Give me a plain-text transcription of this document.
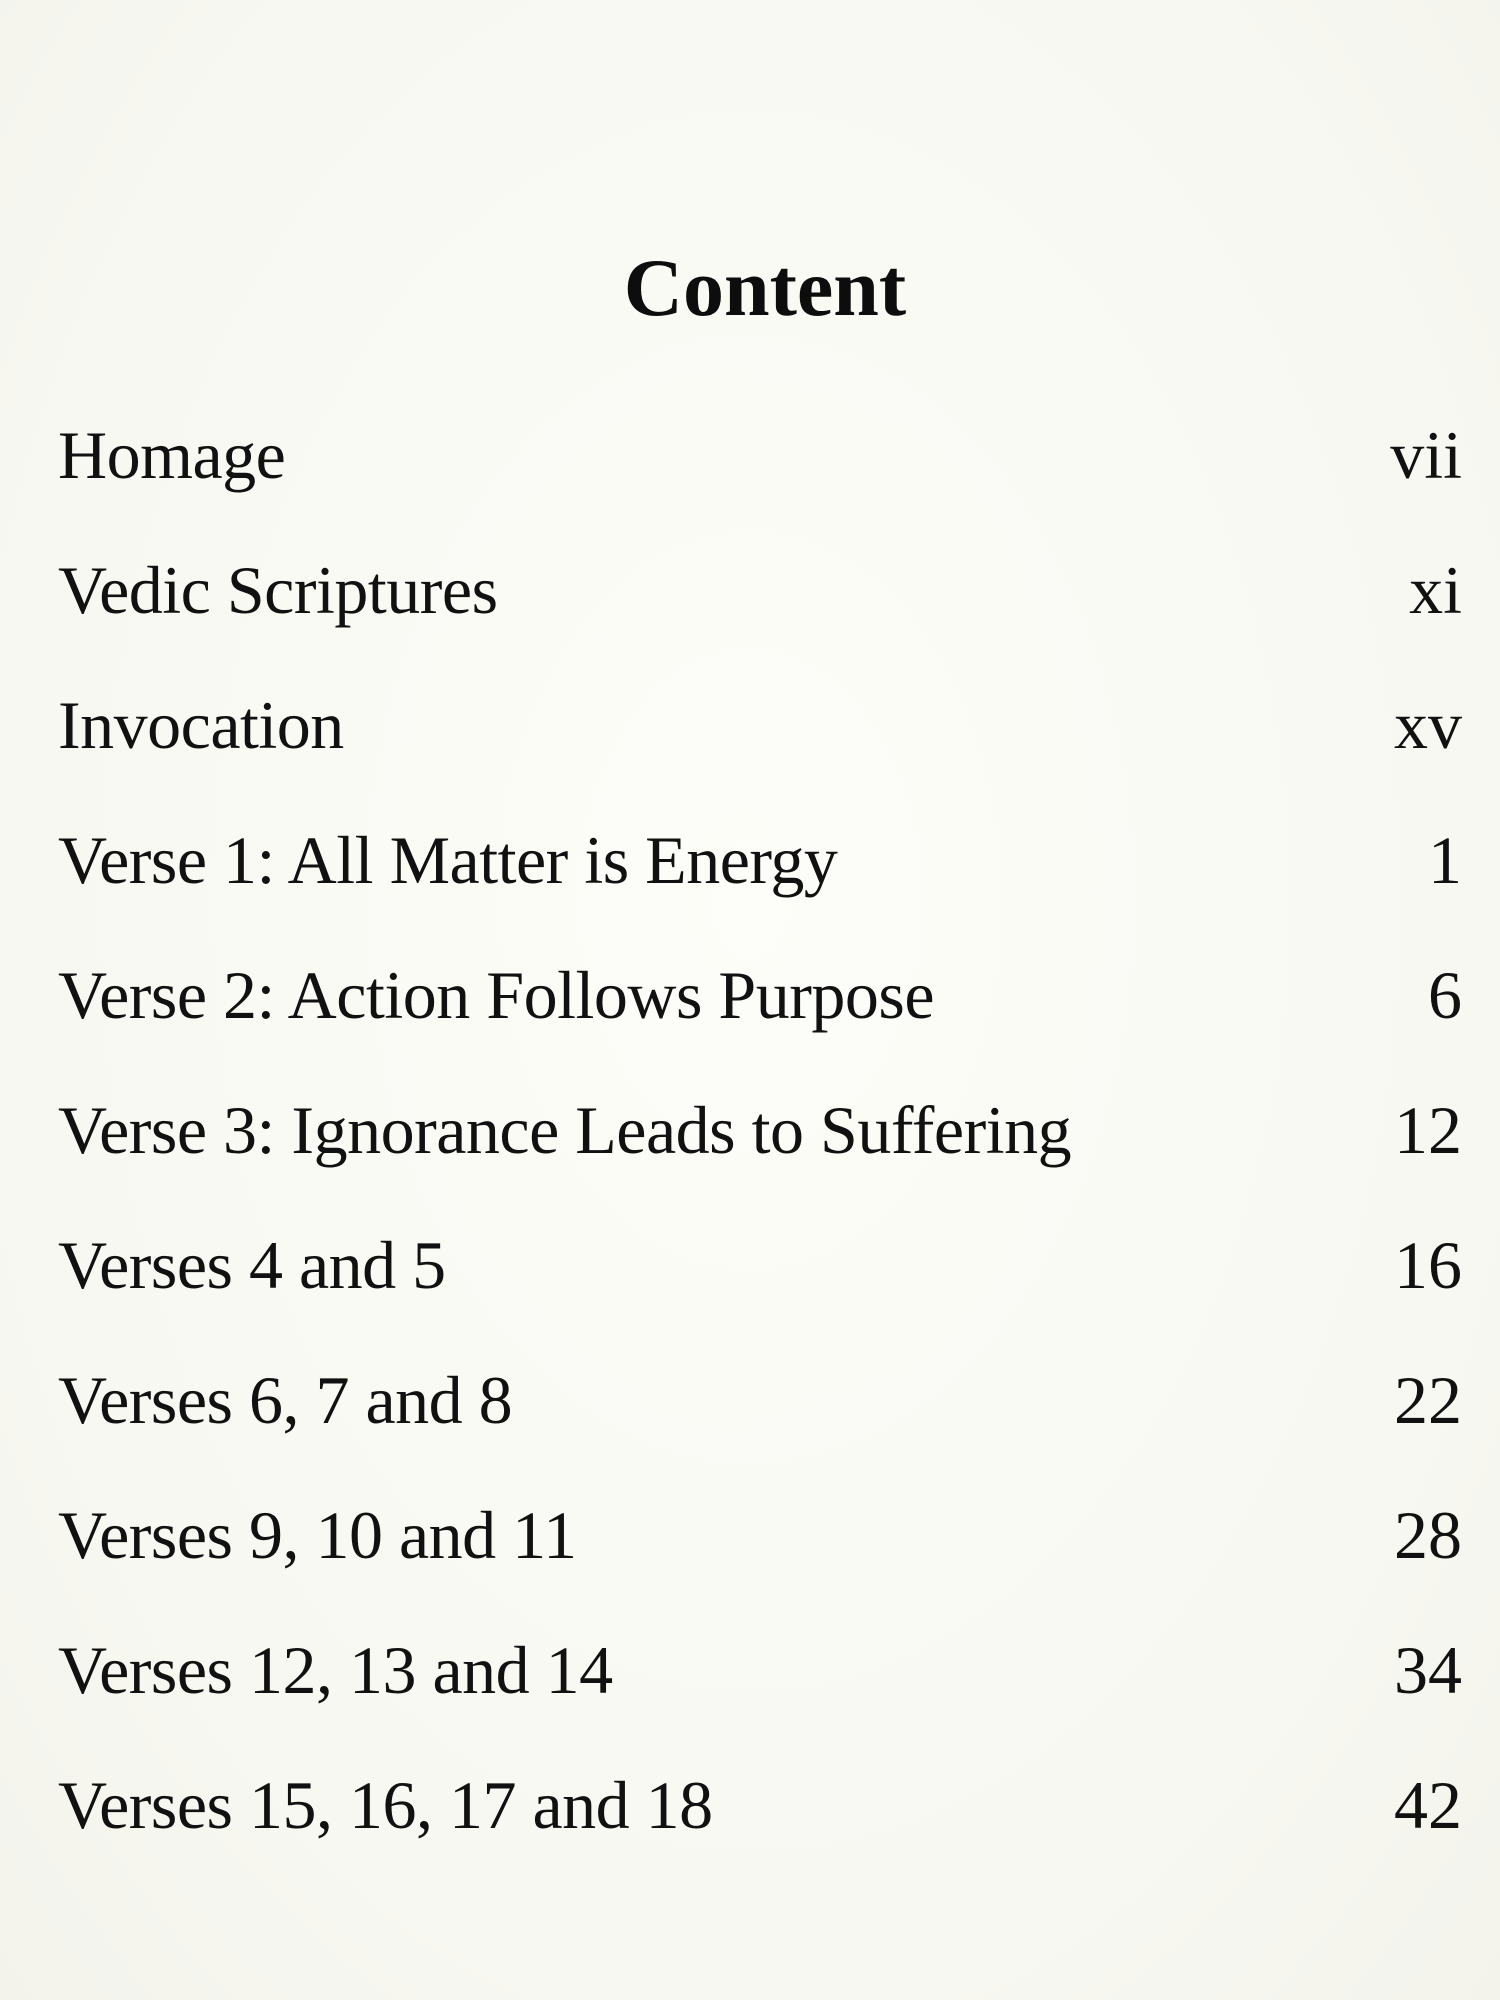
Content
Homage	vii
Vedic Scriptures	xi
Invocation	xv
Verse 1: All Matter is Energy	1
Verse 2: Action Follows Purpose	6
Verse 3: Ignorance Leads to Suffering	12
Verses 4 and 5	16
Verses 6, 7 and 8	22
Verses 9, 10 and 11	28
Verses 12, 13 and 14	34
Verses 15, 16, 17 and 18	42
